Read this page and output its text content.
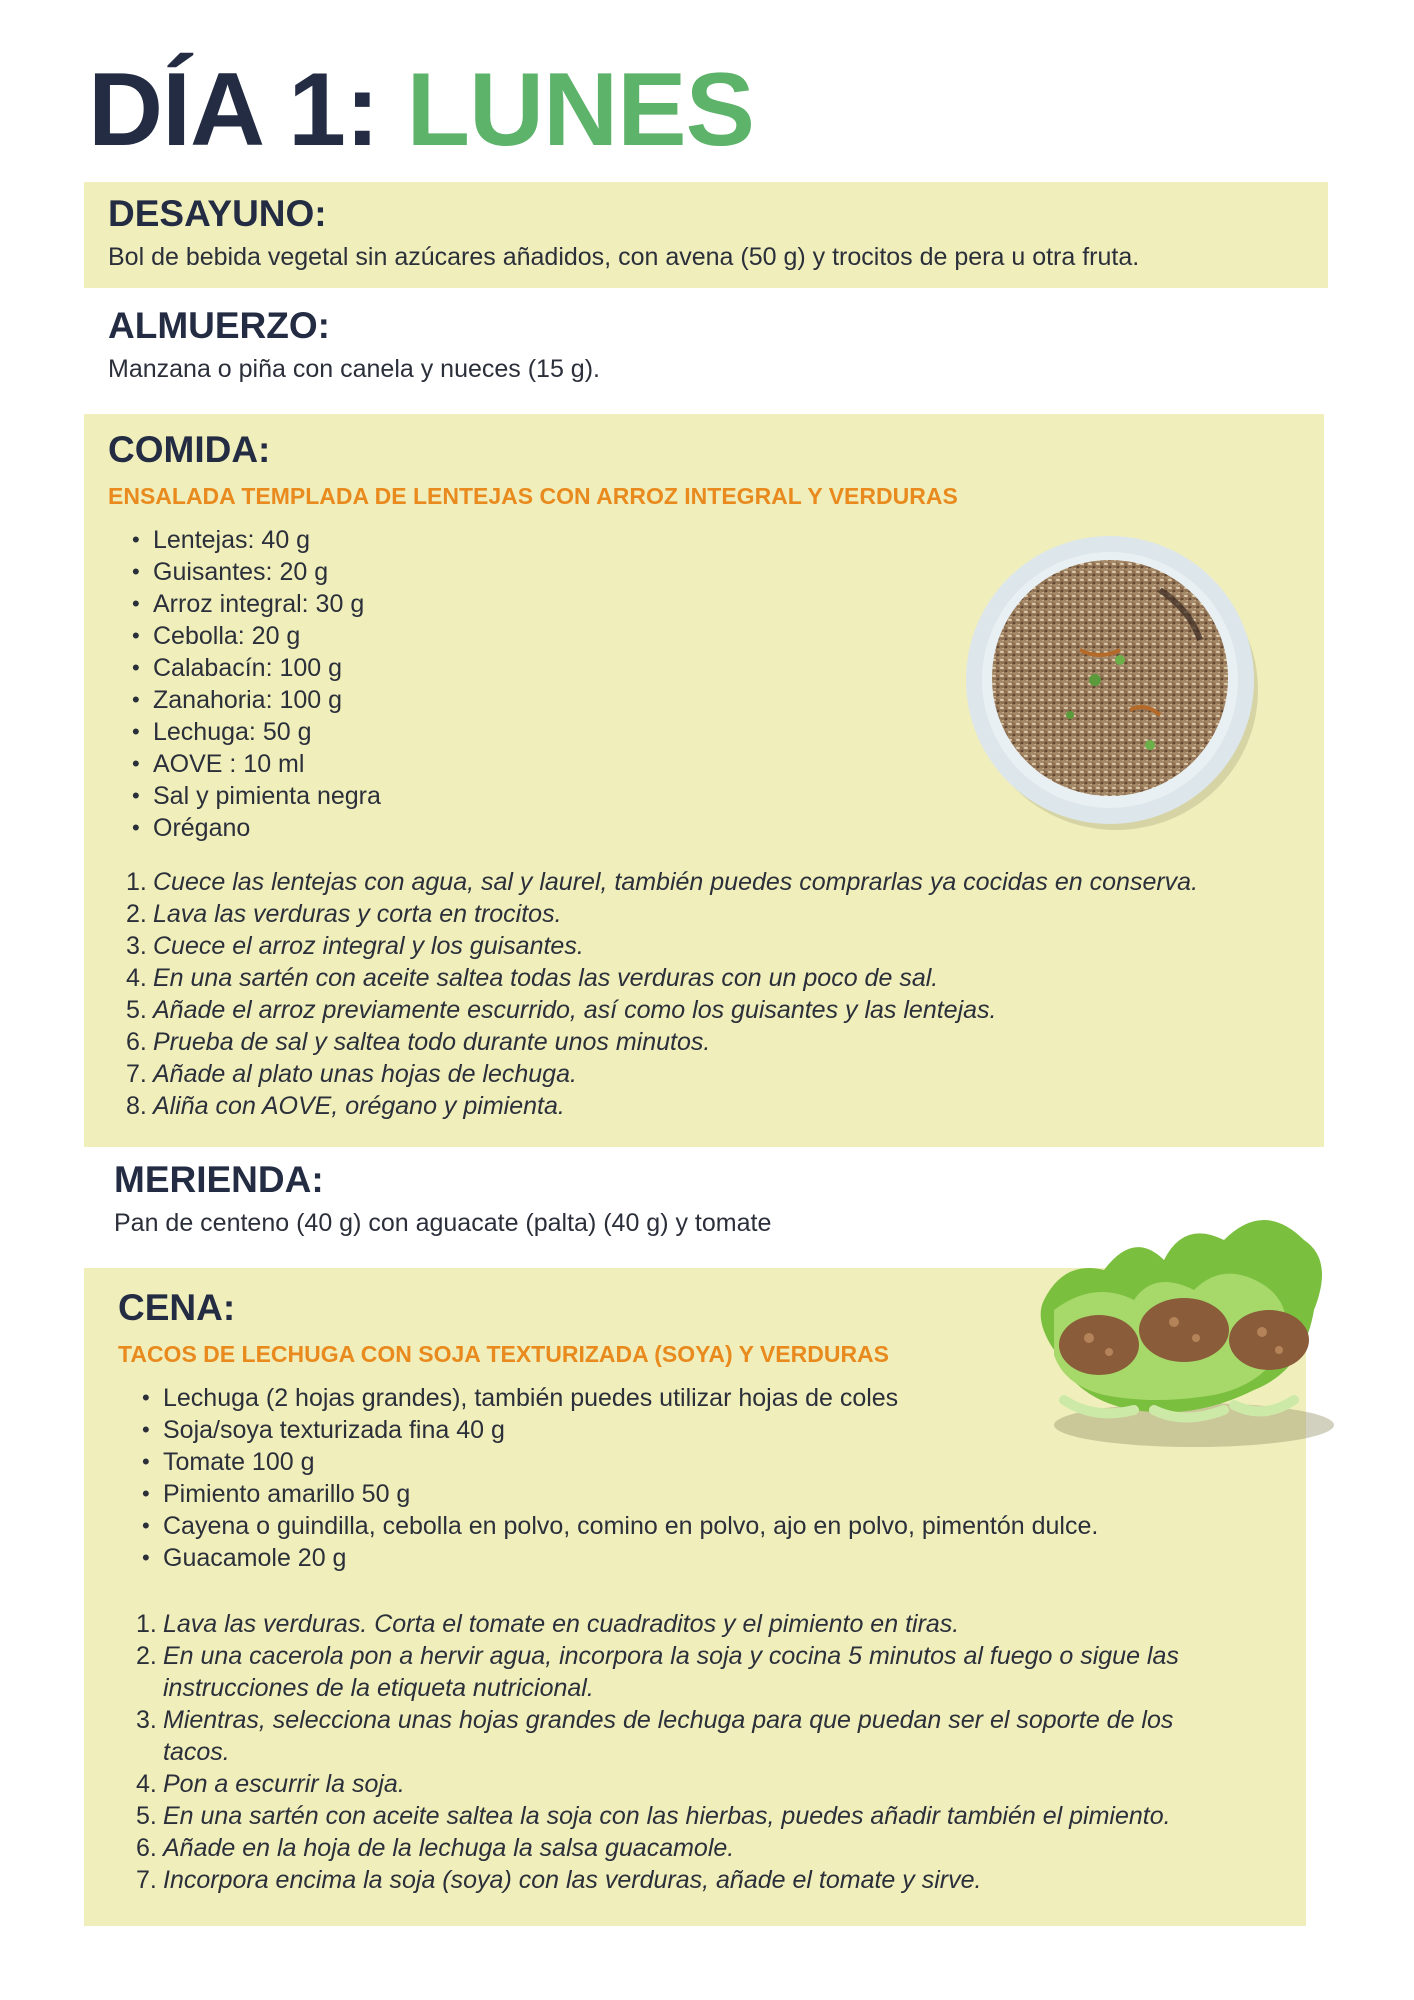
DÍA 1: LUNES
DESAYUNO:

Bol de bebida vegetal sin azúcares añadidos, con avena (50 g) y trocitos de pera u otra fruta.

ALMUERZO:

Manzana o piña con canela y nueces (15 g).

COMIDA:

ENSALADA TEMPLADA DE LENTEJAS CON ARROZ INTEGRAL Y VERDURAS

• Lentejas: 40 g
• Guisantes: 20 g
• Arroz integral: 30 g
• Cebolla: 20 g
• Calabacín: 100 g
• Zanahoria: 100 g
• Lechuga: 50 g
• AOVE : 10 ml
• Sal y pimienta negra
• Orégano
1. Cuece las lentejas con agua, sal y laurel, también puedes comprarlas ya cocidas en conserva.
2. Lava las verduras y corta en trocitos.
3. Cuece el arroz integral y los guisantes.
4. En una sartén con aceite saltea todas las verduras con un poco de sal.
5. Añade el arroz previamente escurrido, así como los guisantes y las lentejas.
6. Prueba de sal y saltea todo durante unos minutos.
7. Añade al plato unas hojas de lechuga.
8. Aliña con AOVE, orégano y pimienta.
MERIENDA:

Pan de centeno (40 g) con aguacate (palta) (40 g) y tomate

CENA:

TACOS DE LECHUGA CON SOJA TEXTURIZADA (SOYA) Y VERDURAS

• Lechuga (2 hojas grandes), también puedes utilizar hojas de coles
• Soja/soya texturizada fina 40 g
• Tomate 100 g
• Pimiento amarillo 50 g
• Cayena o guindilla, cebolla en polvo, comino en polvo, ajo en polvo, pimentón dulce.
• Guacamole 20 g
1. Lava las verduras. Corta el tomate en cuadraditos y el pimiento en tiras.
2. En una cacerola pon a hervir agua, incorpora la soja y cocina 5 minutos al fuego o sigue las instrucciones de la etiqueta nutricional.
3. Mientras, selecciona unas hojas grandes de lechuga para que puedan ser el soporte de los tacos.
4. Pon a escurrir la soja.
5. En una sartén con aceite saltea la soja con las hierbas, puedes añadir también el pimiento.
6. Añade en la hoja de la lechuga la salsa guacamole.
7. Incorpora encima la soja (soya) con las verduras, añade el tomate y sirve.
